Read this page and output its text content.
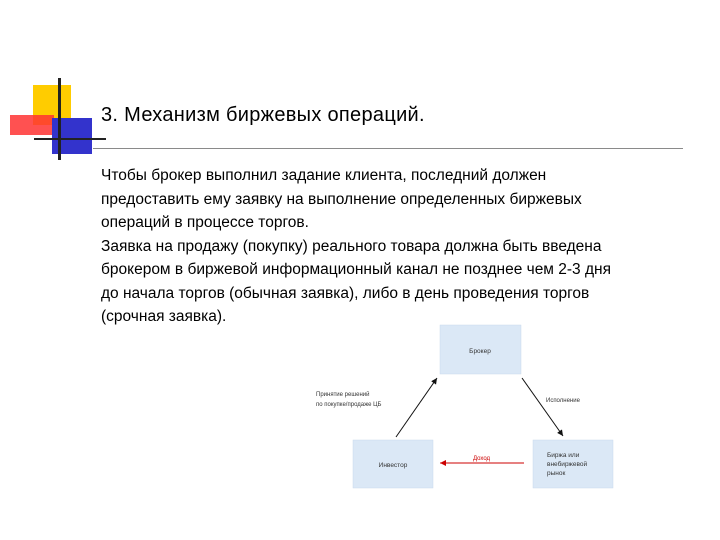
3. Механизм биржевых операций.

Чтобы брокер выполнил задание клиента, последний должен
предоставить ему заявку на выполнение определенных биржевых
операций в процессе торгов.

Заявка на продажу (покупку) реального товара должна быть введена
брокером в биржевой информационный канал не позднее чем 2-3 дня
до начала торгов (обычная заявка), либо в день проведения торгов
(срочная заявка).

Брокер
Инвестор
Биржа или
внебиржевой
рынок
Принятие решений
по покупке/продаже ЦБ
Исполнение
Доход
